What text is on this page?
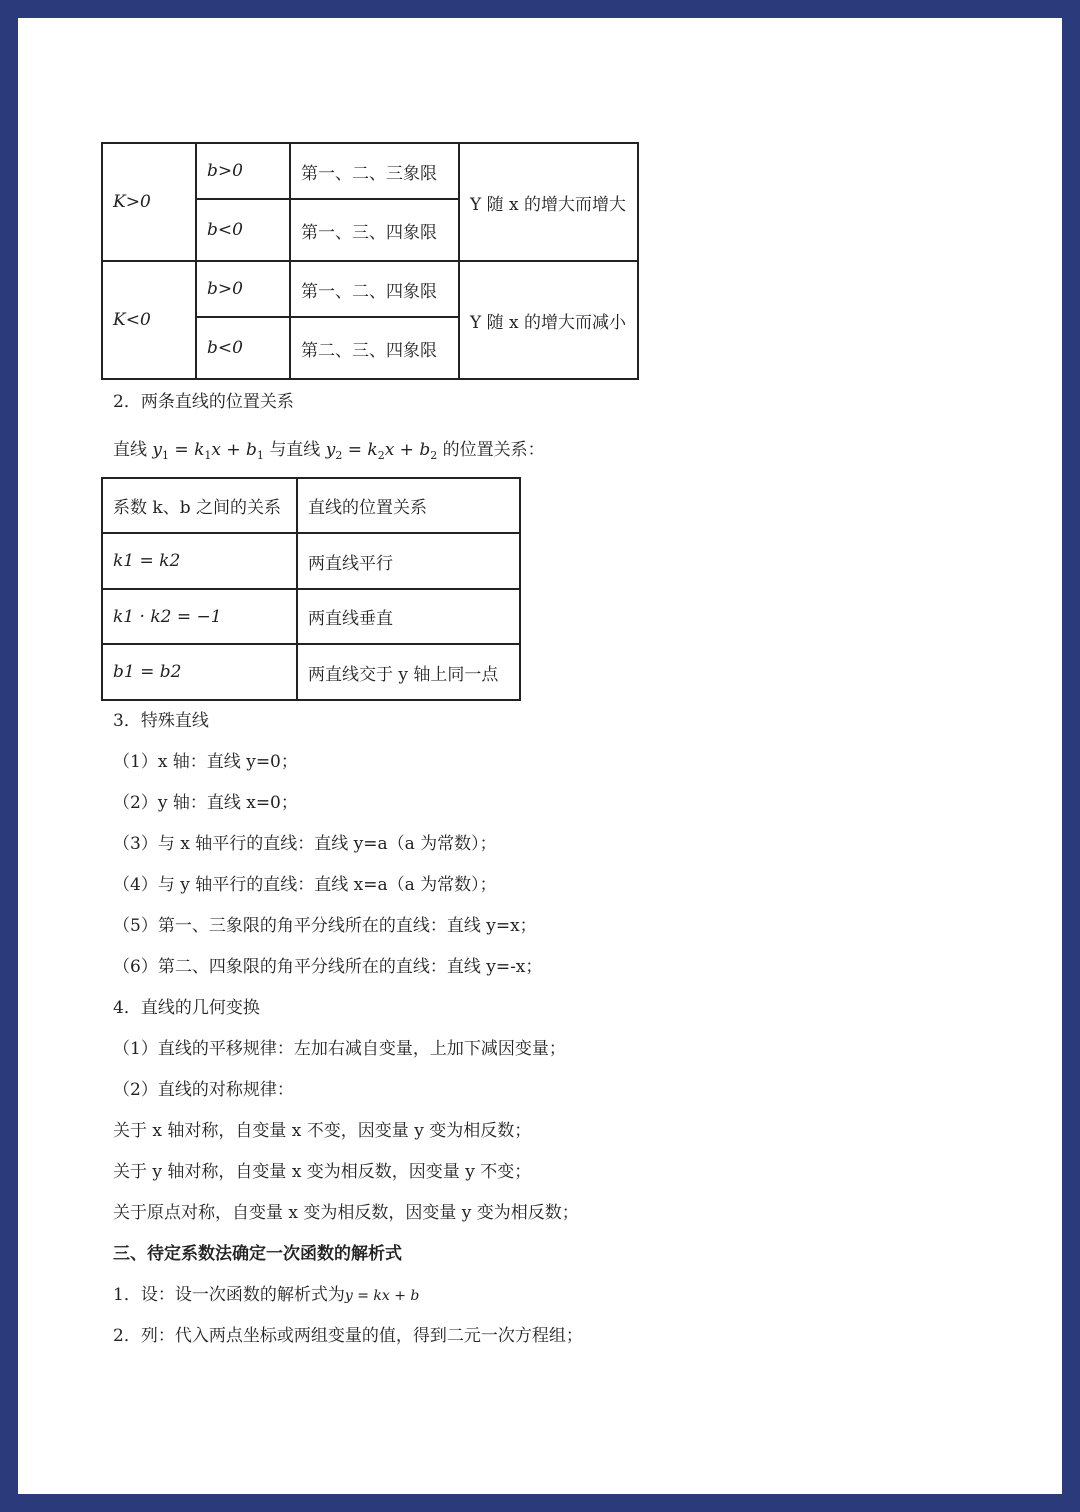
K>0	b>0	第一、二、三象限	Y 随 x 的增大而增大
	b<0	第一、三、四象限	
K<0	b>0	第一、二、四象限	Y 随 x 的增大而减小
	b<0	第二、三、四象限	
2．两条直线的位置关系
直线 $y_1 = k_1x + b_1$ 与直线 $y_2 = k_2x + b_2$ 的位置关系：
系数 k、b 之间的关系	直线的位置关系
k1 = k2	两直线平行
k1 · k2 = −1	两直线垂直
b1 = b2	两直线交于 y 轴上同一点
3．特殊直线
（1）x 轴：直线 y=0；
（2）y 轴：直线 x=0；
（3）与 x 轴平行的直线：直线 y=a（a 为常数）；
（4）与 y 轴平行的直线：直线 x=a（a 为常数）；
（5）第一、三象限的角平分线所在的直线：直线 y=x；
（6）第二、四象限的角平分线所在的直线：直线 y=-x；
4．直线的几何变换
（1）直线的平移规律：左加右减自变量，上加下减因变量；
（2）直线的对称规律：
关于 x 轴对称，自变量 x 不变，因变量 y 变为相反数；
关于 y 轴对称，自变量 x 变为相反数，因变量 y 不变；
关于原点对称，自变量 x 变为相反数，因变量 y 变为相反数；
三、待定系数法确定一次函数的解析式
1．设：设一次函数的解析式为y = kx + b
2．列：代入两点坐标或两组变量的值，得到二元一次方程组；
